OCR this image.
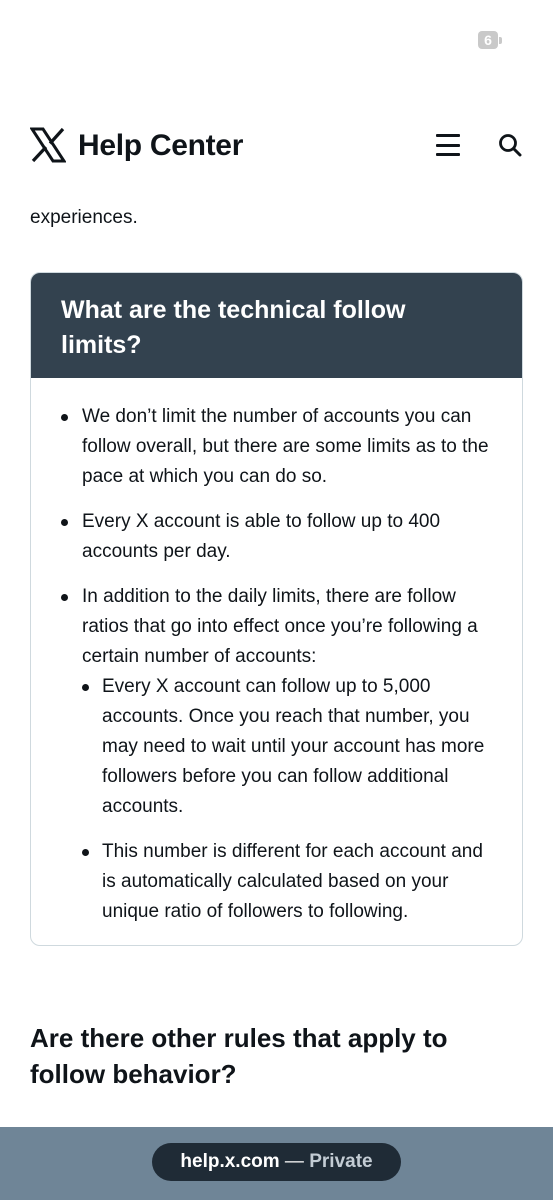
6
Help Center
experiences.
What are the technical follow limits?
We don’t limit the number of accounts you can follow overall, but there are some limits as to the pace at which you can do so.
Every X account is able to follow up to 400 accounts per day.
In addition to the daily limits, there are follow ratios that go into effect once you’re following a certain number of accounts:
Every X account can follow up to 5,000 accounts. Once you reach that number, you may need to wait until your account has more followers before you can follow additional accounts.
This number is different for each account and is automatically calculated based on your unique ratio of followers to following.
Are there other rules that apply to follow behavior?
help.x.com — Private
